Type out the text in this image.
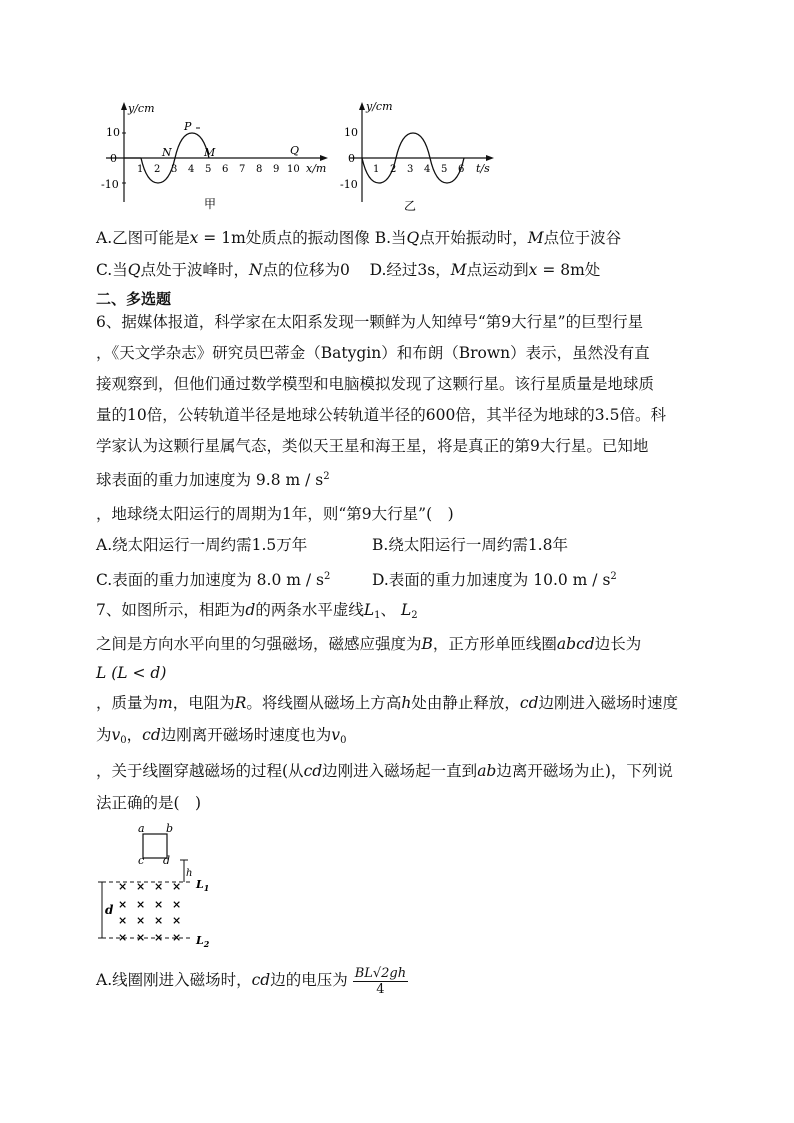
y/cm
x/m
10
0
-10
1 2 3 4 5 6 7 8 9 10
N
P
M	Q
甲
y/cm
t/s
10
0
-10
1 2 3 4 5 6
乙
A.乙图可能是x = 1m处质点的振动图像 B.当Q点开始振动时，M点位于波谷
C.当Q点处于波峰时，N点的位移为0 D.经过3s，M点运动到x = 8m处
二、多选题
6、据媒体报道，科学家在太阳系发现一颗鲜为人知绰号“第9大行星”的巨型行星
，《天文学杂志》研究员巴蒂金（Batygin）和布朗（Brown）表示，虽然没有直
接观察到，但他们通过数学模型和电脑模拟发现了这颗行星。该行星质量是地球质
量的10倍，公转轨道半径是地球公转轨道半径的600倍，其半径为地球的3.5倍。科
学家认为这颗行星属气态，类似天王星和海王星，将是真正的第9大行星。已知地
球表面的重力加速度为 9.8 m / $s^2$
，地球绕太阳运行的周期为1年，则“第9大行星”(　)
A.绕太阳运行一周约需1.5万年	B.绕太阳运行一周约需1.8年
C.表面的重力加速度为 8.0 m / $s^2$	D.表面的重力加速度为 10.0 m / $s^2$
7、如图所示，相距为d的两条水平虚线$L_1$、 $L_2$
之间是方向水平向里的匀强磁场，磁感应强度为B，正方形单匝线圈abcd边长为
L (L < d)
，质量为m，电阻为R。将线圈从磁场上方高h处由静止释放，cd边刚进入磁场时速度
为$v_0$，cd边刚离开磁场时速度也为$v_0$
，关于线圈穿越磁场的过程(从cd边刚进入磁场起一直到ab边离开磁场为止)，下列说
法正确的是(　)
a b
c d
h
$L_1$
$L_2$
d
× × × ×
× × × ×
× × × ×
× × × ×
A.线圈刚进入磁场时，cd边的电压为 $\frac{BL√2gh}{4}$
